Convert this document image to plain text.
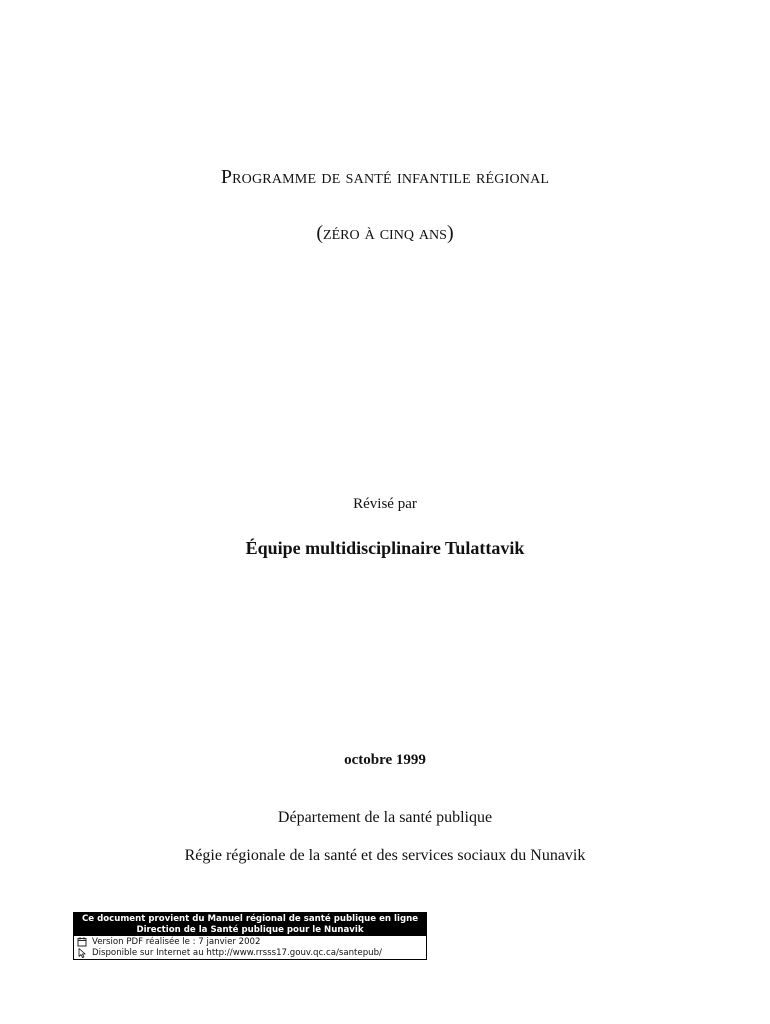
Programme de santé infantile régional
(zéro à cinq ans)
Révisé par
Équipe multidisciplinaire Tulattavik
octobre 1999
Département de la santé publique
Régie régionale de la santé et des services sociaux du Nunavik
Ce document provient du Manuel régional de santé publique en ligne
Direction de la Santé publique pour le Nunavik
Version PDF réalisée le : 7 janvier 2002
Disponible sur Internet au http://www.rrsss17.gouv.qc.ca/santepub/
